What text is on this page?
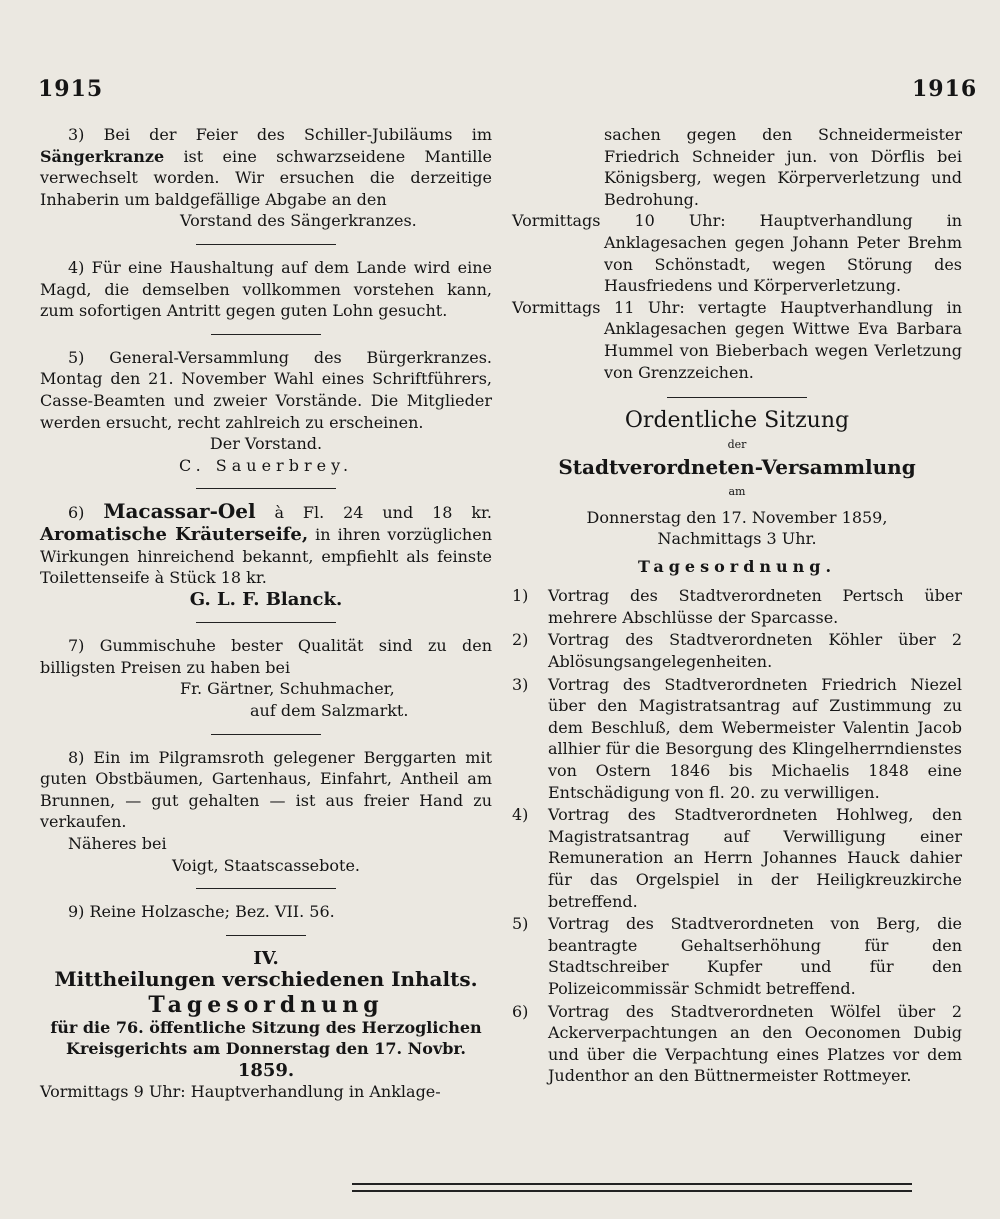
1915	1916

3) Bei der Feier des Schiller-Jubiläums im Sängerkranze ist eine schwarzseidene Mantille verwechselt worden. Wir ersuchen die derzeitige Inhaberin um baldgefällige Abgabe an den

Vorstand des Sängerkranzes.

4) Für eine Haushaltung auf dem Lande wird eine Magd, die demselben vollkommen vorstehen kann, zum sofortigen Antritt gegen guten Lohn gesucht.

5) General-Versammlung des Bürgerkranzes. Montag den 21. November Wahl eines Schriftführers, Casse-Beamten und zweier Vorstände. Die Mitglieder werden ersucht, recht zahlreich zu erscheinen.

Der Vorstand.

C. Sauerbrey.

6) Macassar-Oel à Fl. 24 und 18 kr. Aromatische Kräuterseife, in ihren vorzüglichen Wirkungen hinreichend bekannt, empfiehlt als feinste Toilettenseife à Stück 18 kr.

G. L. F. Blanck.

7) Gummischuhe bester Qualität sind zu den billigsten Preisen zu haben bei

Fr. Gärtner, Schuhmacher,

auf dem Salzmarkt.

8) Ein im Pilgramsroth gelegener Berggarten mit guten Obstbäumen, Gartenhaus, Einfahrt, Antheil am Brunnen, — gut gehalten — ist aus freier Hand zu verkaufen.

Näheres bei

Voigt, Staatscassebote.

9) Reine Holzasche; Bez. VII. 56.

IV.

Mittheilungen verschiedenen Inhalts.

Tagesordnung

für die 76. öffentliche Sitzung des Herzoglichen Kreisgerichts am Donnerstag den 17. Novbr.

1859.

Vormittags 9 Uhr: Hauptverhandlung in Anklage-

sachen gegen den Schneidermeister Friedrich Schneider jun. von Dörflis bei Königsberg, wegen Körperverletzung und Bedrohung.

Vormittags 10 Uhr: Hauptverhandlung in Anklagesachen gegen Johann Peter Brehm von Schönstadt, wegen Störung des Hausfriedens und Körperverletzung.

Vormittags 11 Uhr: vertagte Hauptverhandlung in Anklagesachen gegen Wittwe Eva Barbara Hummel von Bieberbach wegen Verletzung von Grenzzeichen.

Ordentliche Sitzung

der

Stadtverordneten-Versammlung

am

Donnerstag den 17. November 1859,

Nachmittags 3 Uhr.

Tagesordnung.

1) Vortrag des Stadtverordneten Pertsch über mehrere Abschlüsse der Sparcasse.
2) Vortrag des Stadtverordneten Köhler über 2 Ablösungsangelegenheiten.
3) Vortrag des Stadtverordneten Friedrich Niezel über den Magistratsantrag auf Zustimmung zu dem Beschluß, dem Webermeister Valentin Jacob allhier für die Besorgung des Klingelherrndienstes von Ostern 1846 bis Michaelis 1848 eine Entschädigung von fl. 20. zu verwilligen.
4) Vortrag des Stadtverordneten Hohlweg, den Magistratsantrag auf Verwilligung einer Remuneration an Herrn Johannes Hauck dahier für das Orgelspiel in der Heiligkreuzkirche betreffend.
5) Vortrag des Stadtverordneten von Berg, die beantragte Gehaltserhöhung für den Stadtschreiber Kupfer und für den Polizeicommissär Schmidt betreffend.
6) Vortrag des Stadtverordneten Wölfel über 2 Ackerverpachtungen an den Oeconomen Dubig und über die Verpachtung eines Platzes vor dem Judenthor an den Büttnermeister Rottmeyer.
